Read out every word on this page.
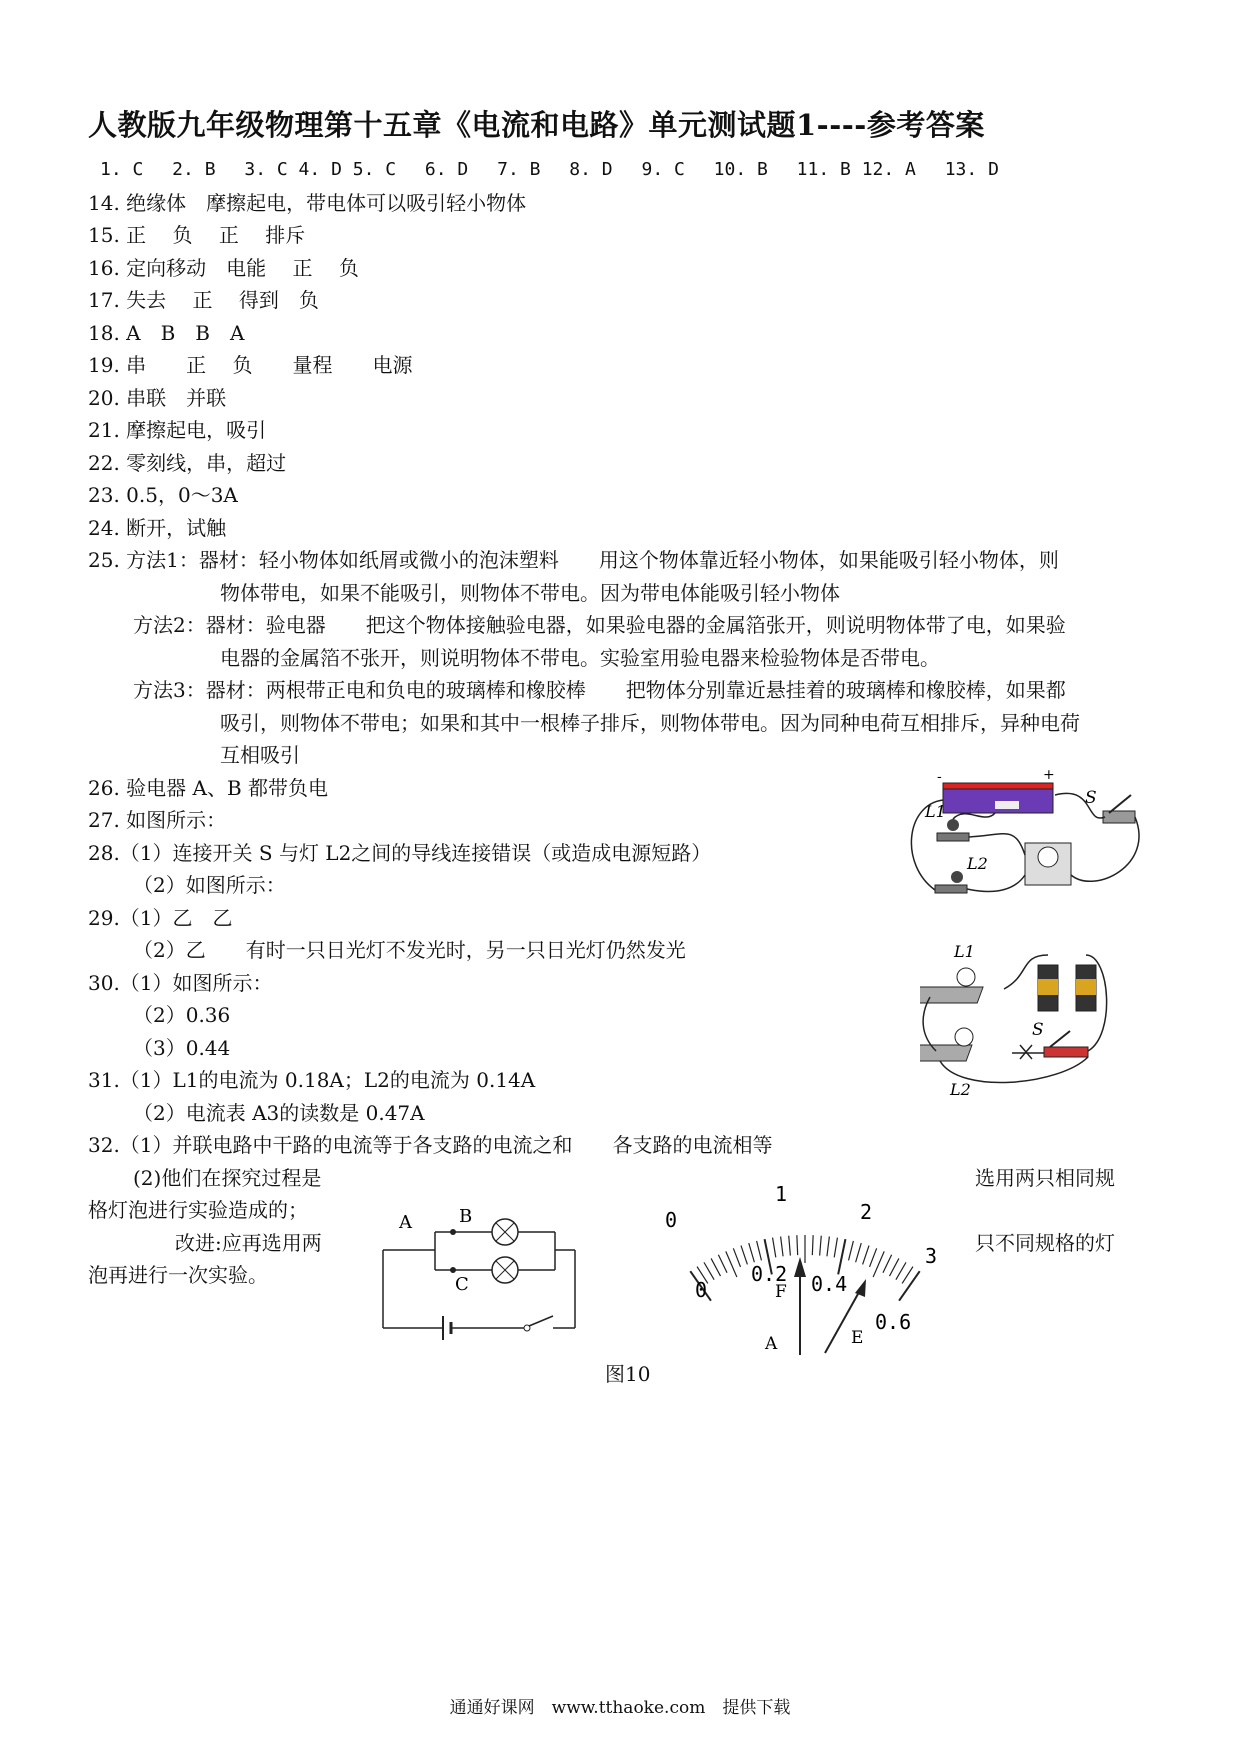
人教版九年级物理第十五章《电流和电路》单元测试题1----参考答案
1. C　 2. B　 3. C 4. D 5. C　 6. D　 7. B　 8. D　 9. C　 10. B　 11. B 12. A　 13. D
14. 绝缘体　摩擦起电，带电体可以吸引轻小物体
15. 正　 负　 正　 排斥
16. 定向移动　电能　 正　 负
17. 失去　 正　 得到　负
18. A　B　B　A
19. 串　　正　 负　　量程　　电源
20. 串联　并联
21. 摩擦起电，吸引
22. 零刻线，串，超过
23. 0.5，0～3A
24. 断开，试触
25. 方法1：器材：轻小物体如纸屑或微小的泡沫塑料　　用这个物体靠近轻小物体，如果能吸引轻小物体，则
物体带电，如果不能吸引，则物体不带电。因为带电体能吸引轻小物体
方法2：器材：验电器　　把这个物体接触验电器，如果验电器的金属箔张开，则说明物体带了电，如果验
电器的金属箔不张开，则说明物体不带电。实验室用验电器来检验物体是否带电。
方法3：器材：两根带正电和负电的玻璃棒和橡胶棒　　把物体分别靠近悬挂着的玻璃棒和橡胶棒，如果都
吸引，则物体不带电；如果和其中一根棒子排斥，则物体带电。因为同种电荷互相排斥，异种电荷
互相吸引
26. 验电器 A、B 都带负电
27. 如图所示：
28.（1）连接开关 S 与灯 L2之间的导线连接错误（或造成电源短路）
（2）如图所示：
29.（1）乙　乙
（2）乙　　有时一只日光灯不发光时，另一只日光灯仍然发光
30.（1）如图所示：
（2）0.36
（3）0.44
31.（1）L1的电流为 0.18A；L2的电流为 0.14A
（2）电流表 A3的读数是 0.47A
32.（1）并联电路中干路的电流等于各支路的电流之和　　各支路的电流相等
(2)他们在探究过程是
格灯泡进行实验造成的；
改进:应再选用两
泡再进行一次实验。
选用两只相同规
只不同规格的灯
-	+
S
L1
L2
L1
L2
S
A	B
C
0
1
2
3
0
0.2 0.4
0.6
F
A	E
图10
通通好课网　www.tthaoke.com　提供下载
